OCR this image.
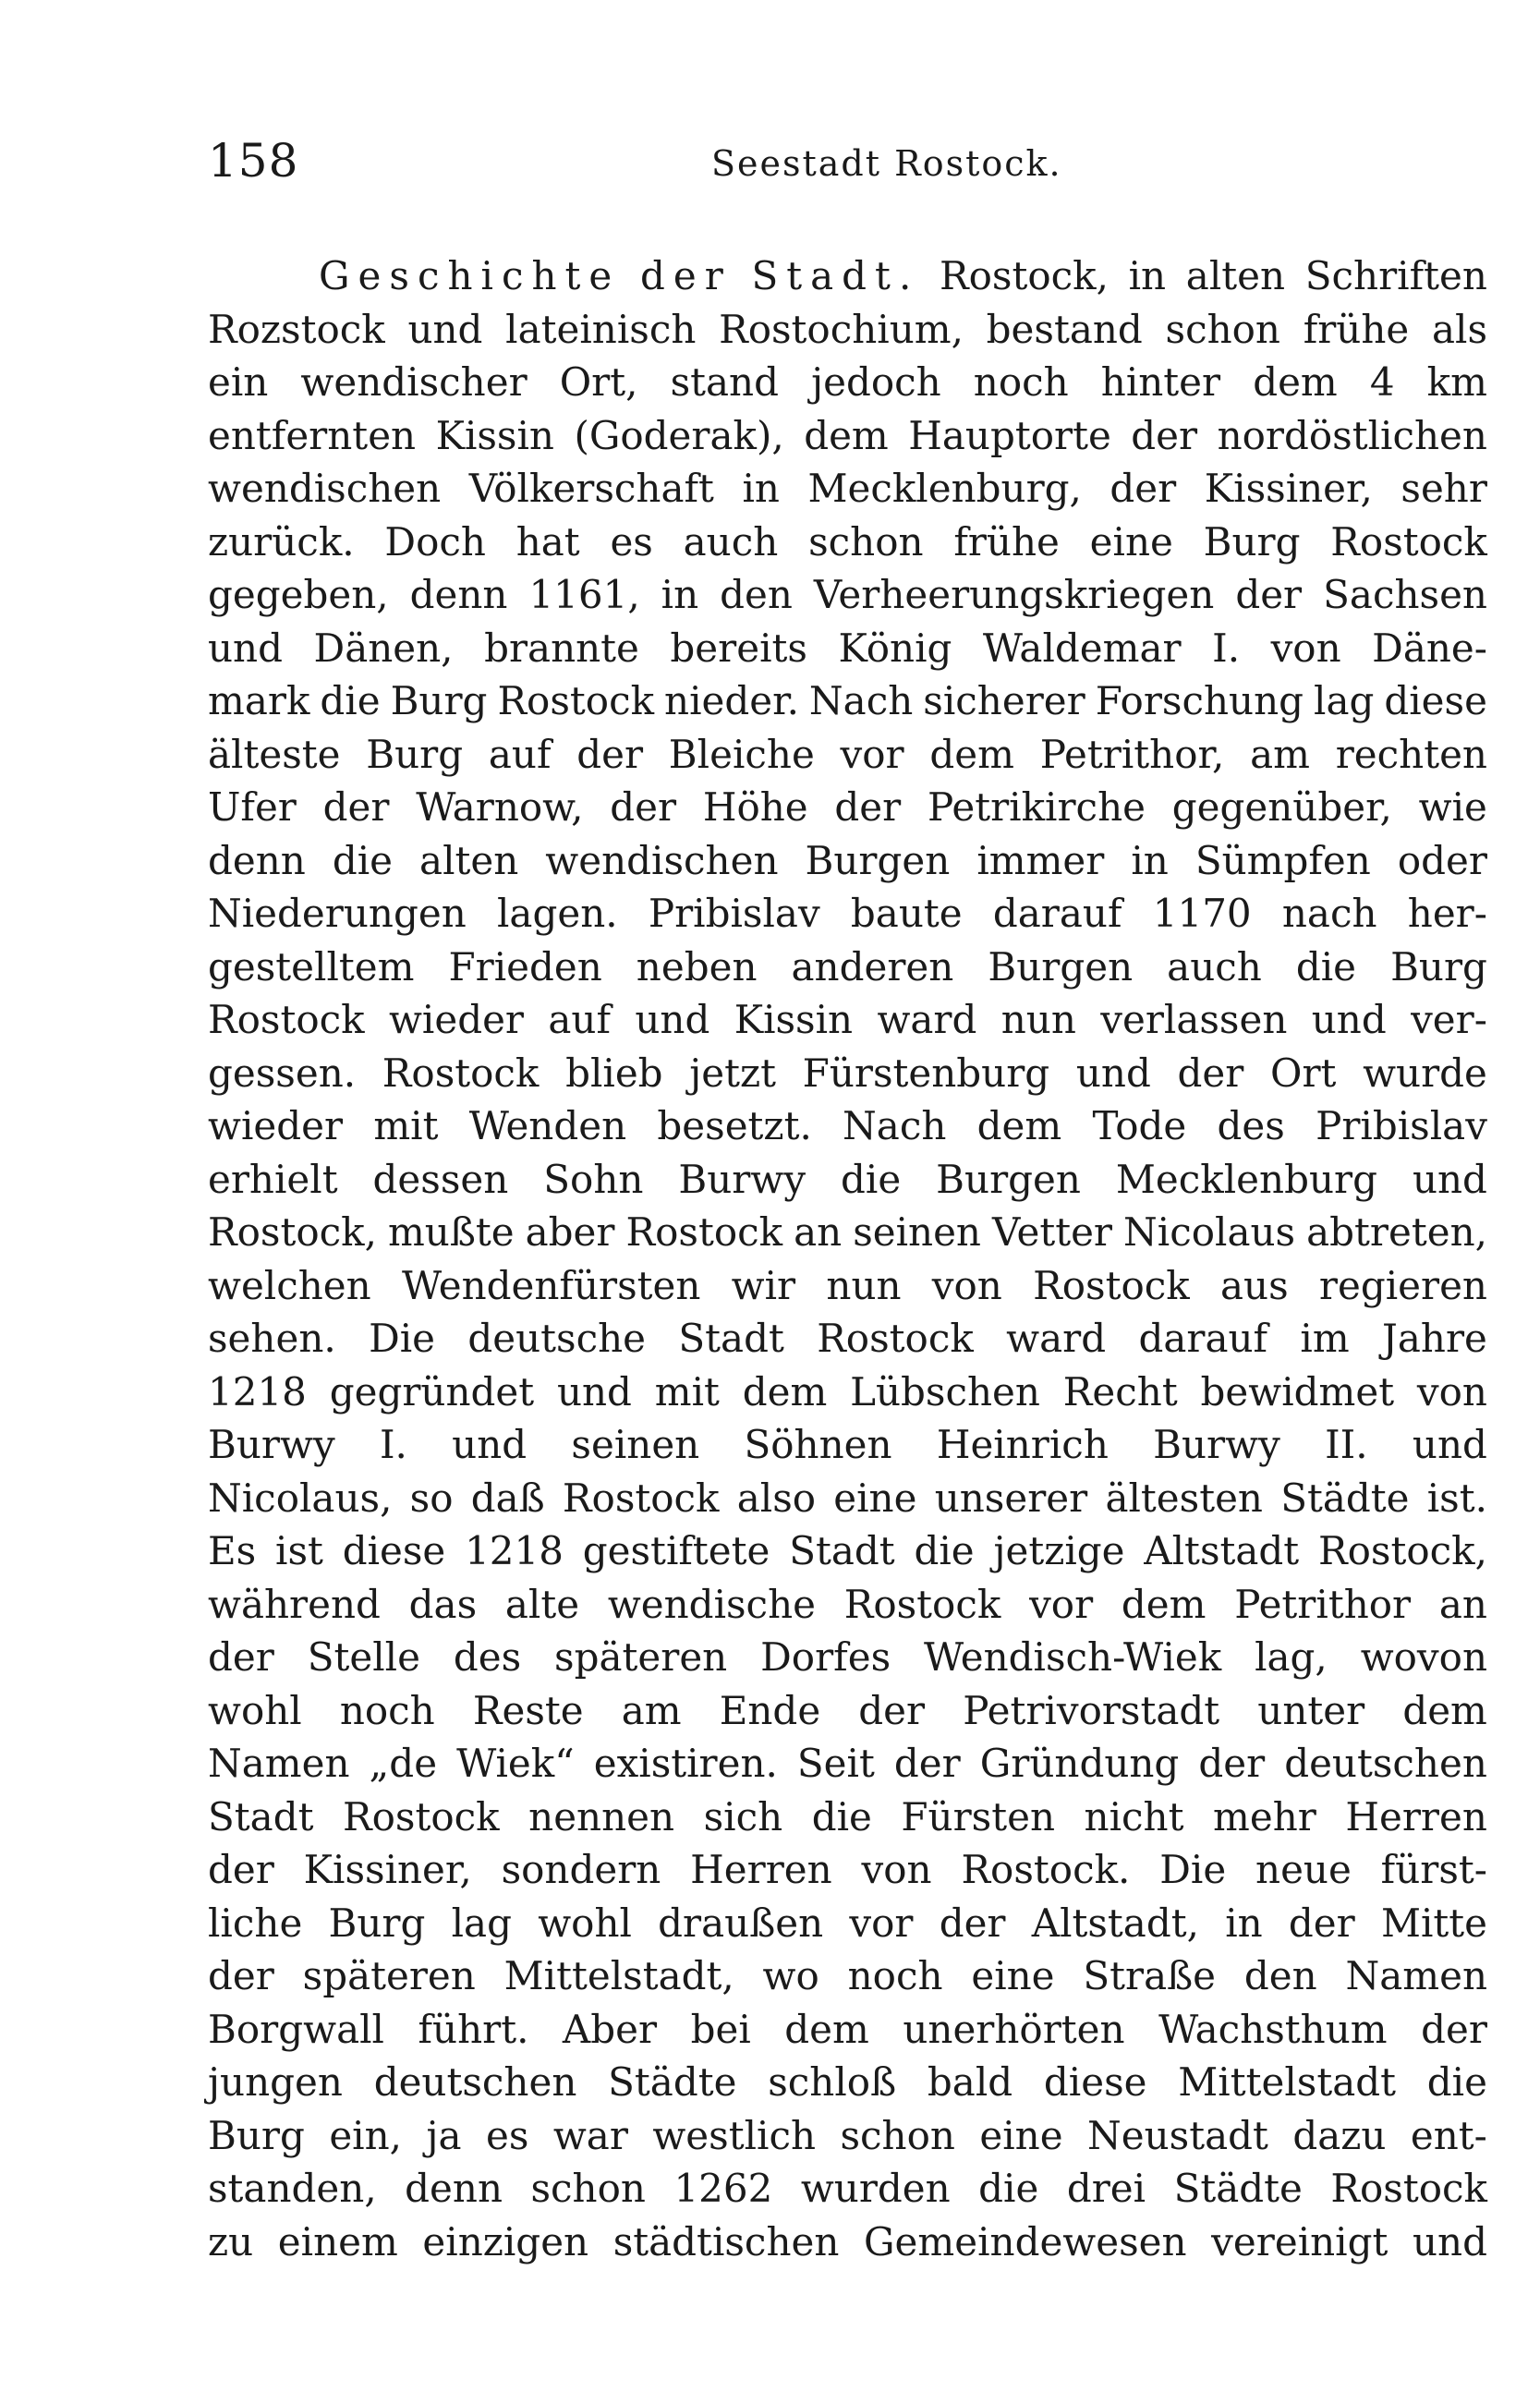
158	Seestadt Rostock.
Geschichte der Stadt. Rostock, in alten Schriften
Rozstock und lateinisch Rostochium, bestand schon frühe als
ein wendischer Ort, stand jedoch noch hinter dem 4 km
entfernten Kissin (Goderak), dem Hauptorte der nordöstlichen
wendischen Völkerschaft in Mecklenburg, der Kissiner, sehr
zurück. Doch hat es auch schon frühe eine Burg Rostock
gegeben, denn 1161, in den Verheerungskriegen der Sachsen
und Dänen, brannte bereits König Waldemar I. von Däne-
mark die Burg Rostock nieder. Nach sicherer Forschung lag diese
älteste Burg auf der Bleiche vor dem Petrithor, am rechten
Ufer der Warnow, der Höhe der Petrikirche gegenüber, wie
denn die alten wendischen Burgen immer in Sümpfen oder
Niederungen lagen. Pribislav baute darauf 1170 nach her-
gestelltem Frieden neben anderen Burgen auch die Burg
Rostock wieder auf und Kissin ward nun verlassen und ver-
gessen. Rostock blieb jetzt Fürstenburg und der Ort wurde
wieder mit Wenden besetzt. Nach dem Tode des Pribislav
erhielt dessen Sohn Burwy die Burgen Mecklenburg und
Rostock, mußte aber Rostock an seinen Vetter Nicolaus abtreten,
welchen Wendenfürsten wir nun von Rostock aus regieren
sehen. Die deutsche Stadt Rostock ward darauf im Jahre
1218 gegründet und mit dem Lübschen Recht bewidmet von
Burwy I. und seinen Söhnen Heinrich Burwy II. und
Nicolaus, so daß Rostock also eine unserer ältesten Städte ist.
Es ist diese 1218 gestiftete Stadt die jetzige Altstadt Rostock,
während das alte wendische Rostock vor dem Petrithor an
der Stelle des späteren Dorfes Wendisch-Wiek lag, wovon
wohl noch Reste am Ende der Petrivorstadt unter dem
Namen „de Wiek“ existiren. Seit der Gründung der deutschen
Stadt Rostock nennen sich die Fürsten nicht mehr Herren
der Kissiner, sondern Herren von Rostock. Die neue fürst-
liche Burg lag wohl draußen vor der Altstadt, in der Mitte
der späteren Mittelstadt, wo noch eine Straße den Namen
Borgwall führt. Aber bei dem unerhörten Wachsthum der
jungen deutschen Städte schloß bald diese Mittelstadt die
Burg ein, ja es war westlich schon eine Neustadt dazu ent-
standen, denn schon 1262 wurden die drei Städte Rostock
zu einem einzigen städtischen Gemeindewesen vereinigt und
